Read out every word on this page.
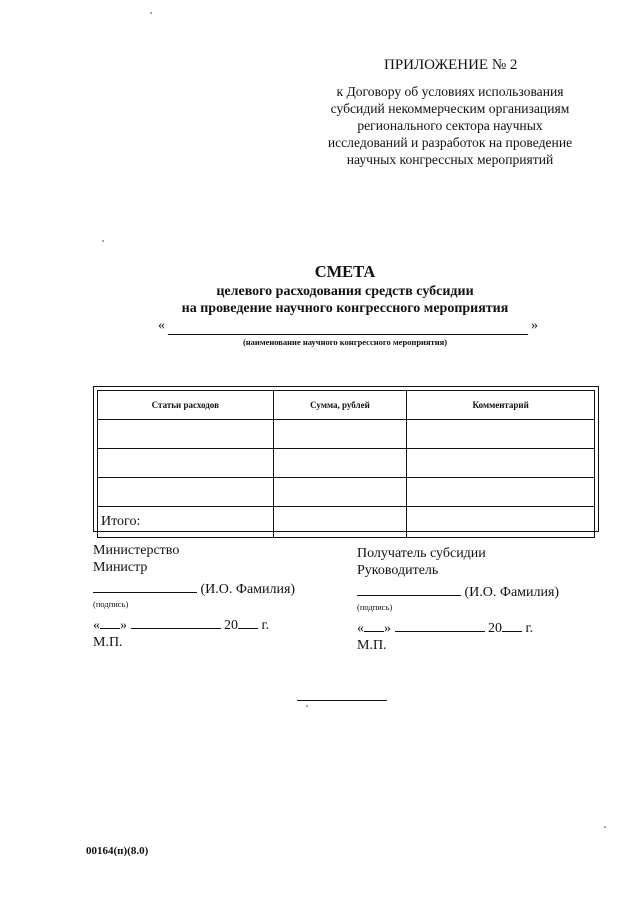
ПРИЛОЖЕНИЕ № 2
к Договору об условиях использования
субсидий некоммерческим организациям
регионального сектора научных
исследований и разработок на проведение
научных конгрессных мероприятий
СМЕТА
целевого расходования средств субсидии
на проведение научного конгрессного мероприятия
«	»
(наименование научного конгрессного мероприятия)
Статьи расходов	Сумма, рублей	Комментарий

Итого:		
Министерство
Министр
(И.О. Фамилия)
(подпись)
« »	20 г.
М.П.
Получатель субсидии
Руководитель
(И.О. Фамилия)
(подпись)
« »	20 г.
М.П.
00164(п)(8.0)
